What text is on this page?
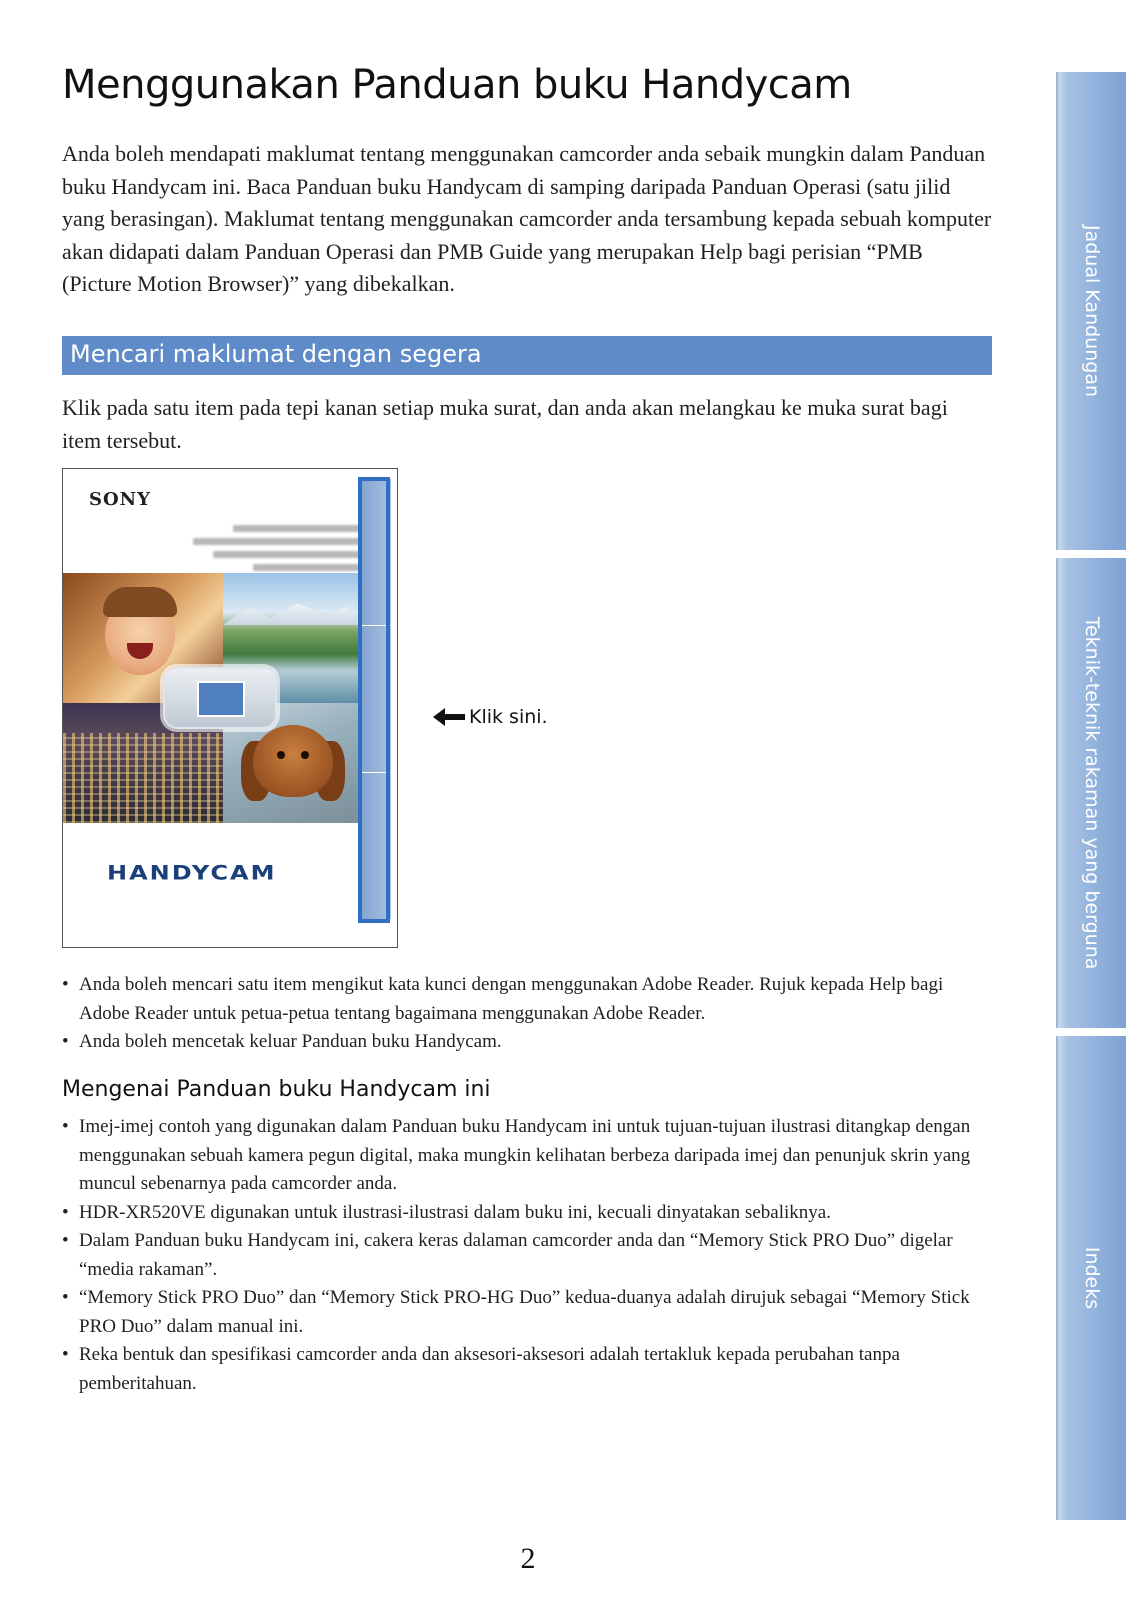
Menggunakan Panduan buku Handycam

Anda boleh mendapati maklumat tentang menggunakan camcorder anda sebaik mungkin dalam Panduan buku Handycam ini. Baca Panduan buku Handycam di samping daripada Panduan Operasi (satu jilid yang berasingan). Maklumat tentang menggunakan camcorder anda tersambung kepada sebuah komputer akan didapati dalam Panduan Operasi dan PMB Guide yang merupakan Help bagi perisian “PMB (Picture Motion Browser)” yang dibekalkan.

Mencari maklumat dengan segera

Klik pada satu item pada tepi kanan setiap muka surat, dan anda akan melangkau ke muka surat bagi item tersebut.

SONY
HANDYCAM
Klik sini.
• Anda boleh mencari satu item mengikut kata kunci dengan menggunakan Adobe Reader. Rujuk kepada Help bagi Adobe Reader untuk petua-petua tentang bagaimana menggunakan Adobe Reader.
• Anda boleh mencetak keluar Panduan buku Handycam.
Mengenai Panduan buku Handycam ini
• Imej-imej contoh yang digunakan dalam Panduan buku Handycam ini untuk tujuan-tujuan ilustrasi ditangkap dengan menggunakan sebuah kamera pegun digital, maka mungkin kelihatan berbeza daripada imej dan penunjuk skrin yang muncul sebenarnya pada camcorder anda.
• HDR-XR520VE digunakan untuk ilustrasi-ilustrasi dalam buku ini, kecuali dinyatakan sebaliknya.
• Dalam Panduan buku Handycam ini, cakera keras dalaman camcorder anda dan “Memory Stick PRO Duo” digelar “media rakaman”.
• “Memory Stick PRO Duo” dan “Memory Stick PRO-HG Duo” kedua-duanya adalah dirujuk sebagai “Memory Stick PRO Duo” dalam manual ini.
• Reka bentuk dan spesifikasi camcorder anda dan aksesori-aksesori adalah tertakluk kepada perubahan tanpa pemberitahuan.
Jadual Kandungan
Teknik-teknik rakaman yang berguna
Indeks
2
